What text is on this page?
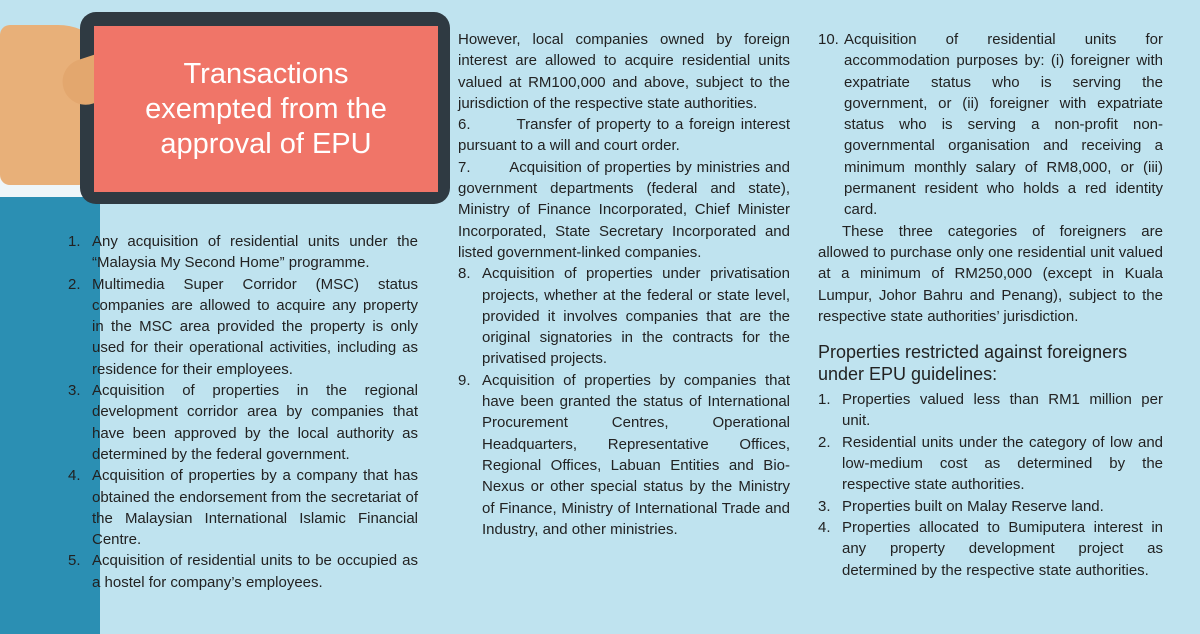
Transactions
exempted from the
approval of EPU
1. Any acquisition of residential units under the “Malaysia My Second Home” programme.
2. Multimedia Super Corridor (MSC) status companies are allowed to acquire any property in the MSC area provided the property is only used for their operational activities, including as residence for their employees.
3. Acquisition of properties in the regional development corridor area by companies that have been approved by the local authority as determined by the federal government.
4. Acquisition of properties by a company that has obtained the endorsement from the secretariat of the Malaysian International Islamic Financial Centre.
5. Acquisition of residential units to be occupied as a hostel for company’s employees.
However, local companies owned by foreign interest are allowed to acquire residential units valued at RM100,000 and above, subject to the jurisdiction of the respective state authorities.
6.        Transfer of property to a foreign interest pursuant to a will and court order.
7.        Acquisition of properties by ministries and government departments (federal and state), Ministry of Finance Incorporated, Chief Minister Incorporated, State Secretary Incorporated and listed government-linked companies.
8. Acquisition of properties under privatisation projects, whether at the federal or state level, provided it involves companies that are the original signatories in the contracts for the privatised projects.
9. Acquisition of properties by companies that have been granted the status of International Procurement Centres, Operational Headquarters, Representative Offices, Regional Offices, Labuan Entities and Bio-Nexus or other special status by the Ministry of Finance, Ministry of International Trade and Industry, and other ministries.
10. Acquisition of residential units for accommodation purposes by: (i) foreigner with expatriate status who is serving the government, or (ii) foreigner with expatriate status who is serving a non-profit non-governmental organisation and receiving a minimum monthly salary of RM8,000, or (iii) permanent resident who holds a red identity card.
These three categories of foreigners are allowed to purchase only one residential unit valued at a minimum of RM250,000 (except in Kuala Lumpur, Johor Bahru and Penang), subject to the respective state authorities’ jurisdiction.
Properties restricted against foreigners under EPU guidelines:
1. Properties valued less than RM1 million per unit.
2. Residential units under the category of low and low-medium cost as determined by the respective state authorities.
3. Properties built on Malay Reserve land.
4. Properties allocated to Bumiputera interest in any property development project as determined by the respective state authorities.
